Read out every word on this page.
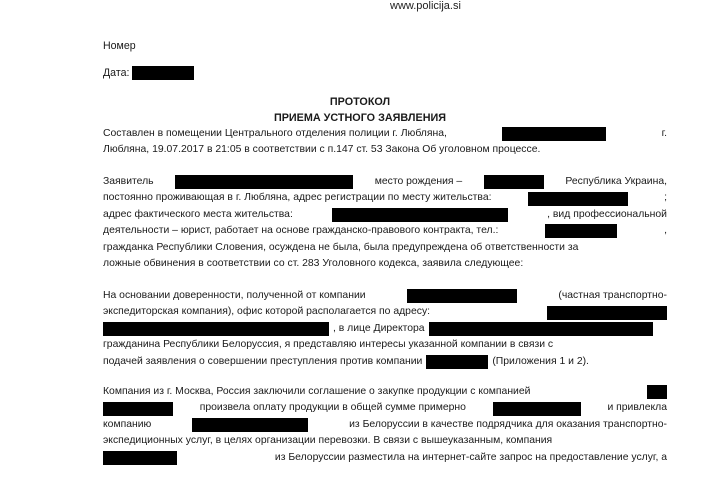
www.policija.si
Номер
Дата:
ПРОТОКОЛ
ПРИЕМА УСТНОГО ЗАЯВЛЕНИЯ
Составлен в помещении Центрального отделения полиции г. Любляна,	г.
Любляна, 19.07.2017 в 21:05 в соответствии с п.147 ст. 53 Закона Об уголовном процессе.
Заявитель	место рождения –	Республика Украина,
постоянно проживающая в г. Любляна, адрес регистрации по месту жительства:	;
адрес фактического места жительства:	, вид профессиональной
деятельности – юрист, работает на основе гражданско-правового контракта, тел.:	,
гражданка Республики Словения, осуждена не была, была предупреждена об ответственности за
ложные обвинения в соответствии со ст. 283 Уголовного кодекса, заявила следующее:
На основании доверенности, полученной от компании	(частная транспортно-
экспедиторская компания), офис которой располагается по адресу:
, в лице Директора
гражданина Республики Белоруссия, я представляю интересы указанной компании в связи с
подачей заявления о совершении преступления против компании	(Приложения 1 и 2).
Компания из г. Москва, Россия заключили соглашение о закупке продукции с компанией
произвела оплату продукции в общей сумме примерно	и привлекла
компанию	из Белоруссии в качестве подрядчика для оказания транспортно-
экспедиционных услуг, в целях организации перевозки. В связи с вышеуказанным, компания
из Белоруссии разместила на интернет-сайте запрос на предоставление услуг, а
